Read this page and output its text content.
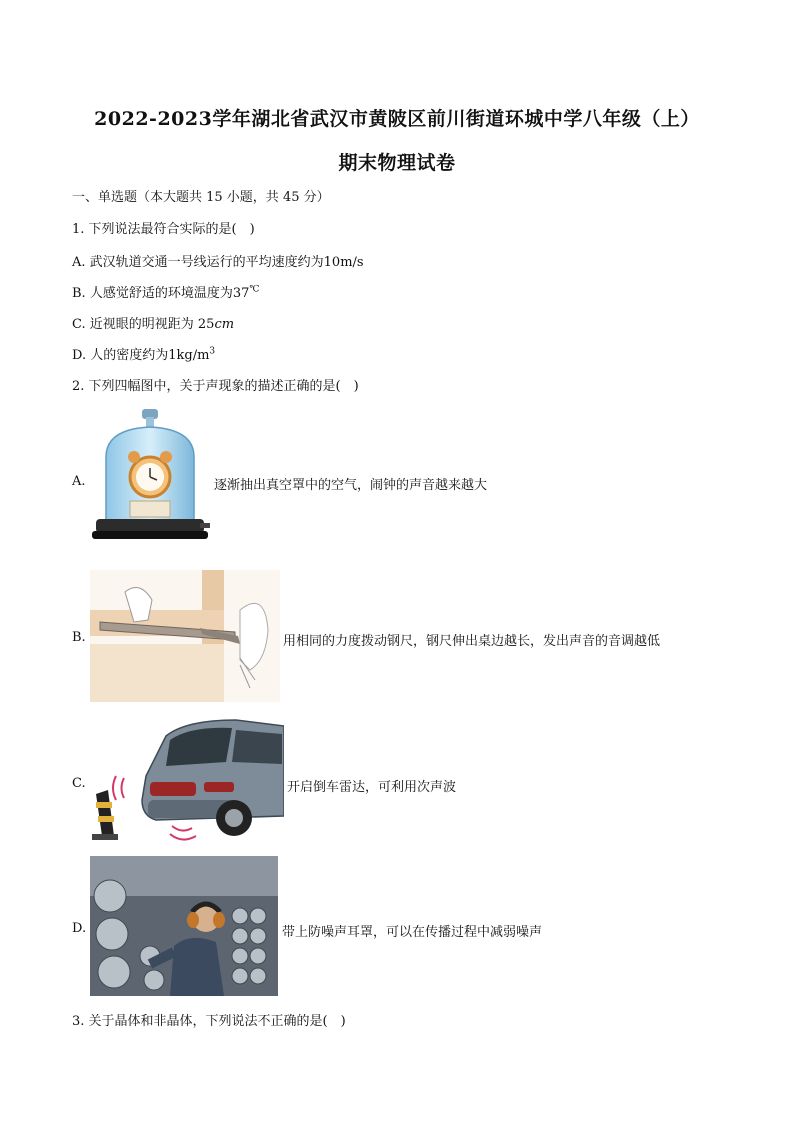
2022-2023学年湖北省武汉市黄陂区前川街道环城中学八年级（上）
期末物理试卷
一、单选题（本大题共 15 小题，共 45 分）
1. 下列说法最符合实际的是(　)
A. 武汉轨道交通一号线运行的平均速度约为10m/s
B. 人感觉舒适的环境温度为37℃
C. 近视眼的明视距为 25cm
D. 人的密度约为$1kg/m^3$
2. 下列四幅图中，关于声现象的描述正确的是(　)
A.	逐渐抽出真空罩中的空气，闹钟的声音越来越大
B.	用相同的力度拨动钢尺，钢尺伸出桌边越长，发出声音的音调越低
C.	开启倒车雷达，可利用次声波
D.	带上防噪声耳罩，可以在传播过程中减弱噪声
3. 关于晶体和非晶体，下列说法不正确的是(　)
